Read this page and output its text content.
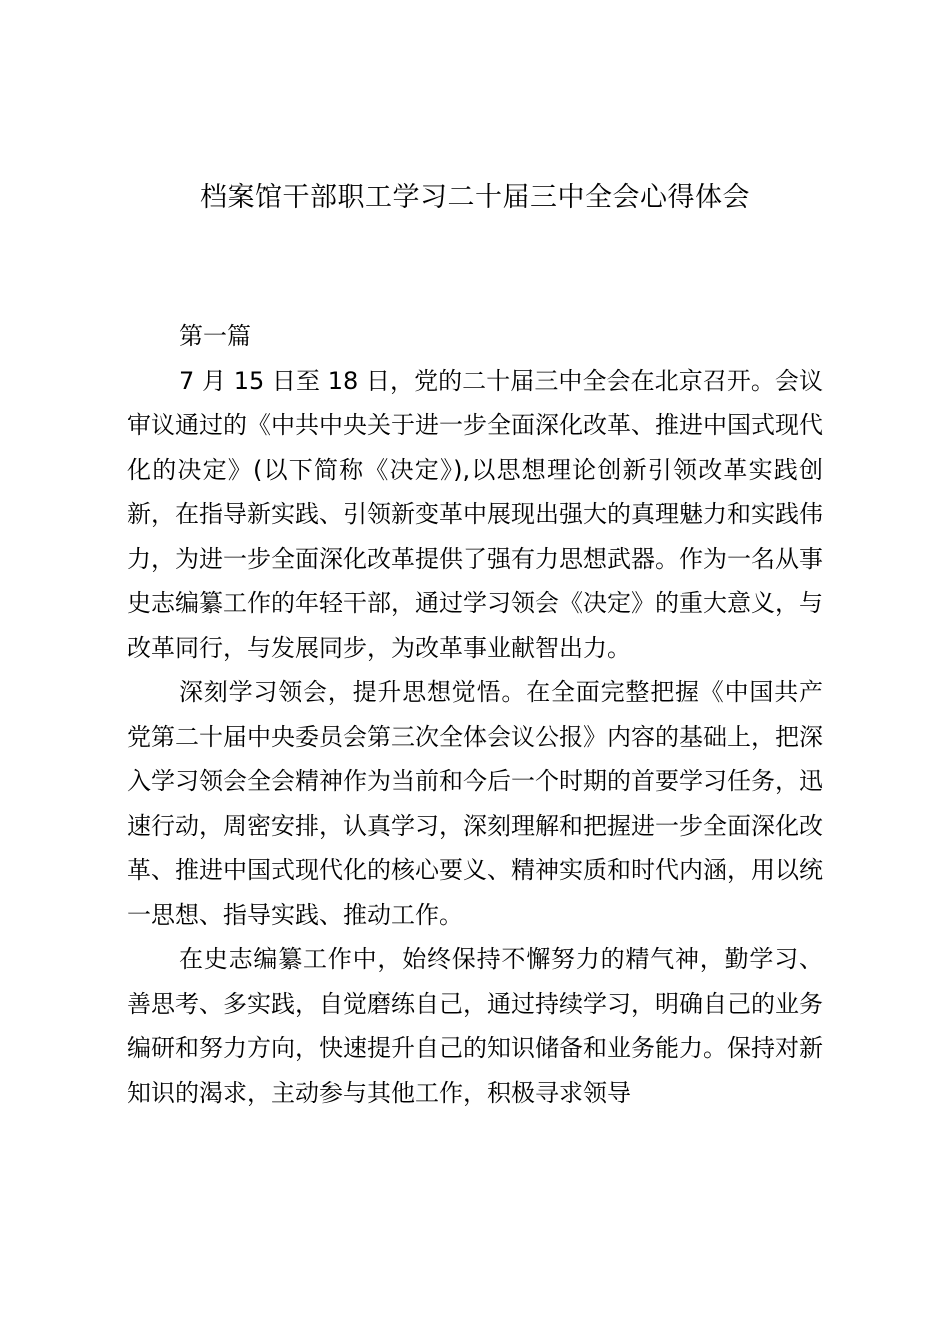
档案馆干部职工学习二十届三中全会心得体会

第一篇

7 月 15 日至 18 日，党的二十届三中全会在北京召开。会议审议通过的《中共中央关于进一步全面深化改革、推进中国式现代化的决定》(以下简称《决定》),以思想理论创新引领改革实践创新，在指导新实践、引领新变革中展现出强大的真理魅力和实践伟力，为进一步全面深化改革提供了强有力思想武器。作为一名从事史志编纂工作的年轻干部，通过学习领会《决定》的重大意义，与改革同行，与发展同步，为改革事业献智出力。

深刻学习领会，提升思想觉悟。在全面完整把握《中国共产党第二十届中央委员会第三次全体会议公报》内容的基础上，把深入学习领会全会精神作为当前和今后一个时期的首要学习任务，迅速行动，周密安排，认真学习，深刻理解和把握进一步全面深化改革、推进中国式现代化的核心要义、精神实质和时代内涵，用以统一思想、指导实践、推动工作。

在史志编纂工作中，始终保持不懈努力的精气神，勤学习、善思考、多实践，自觉磨练自己，通过持续学习，明确自己的业务编研和努力方向，快速提升自己的知识储备和业务能力。保持对新知识的渴求，主动参与其他工作，积极寻求领导
